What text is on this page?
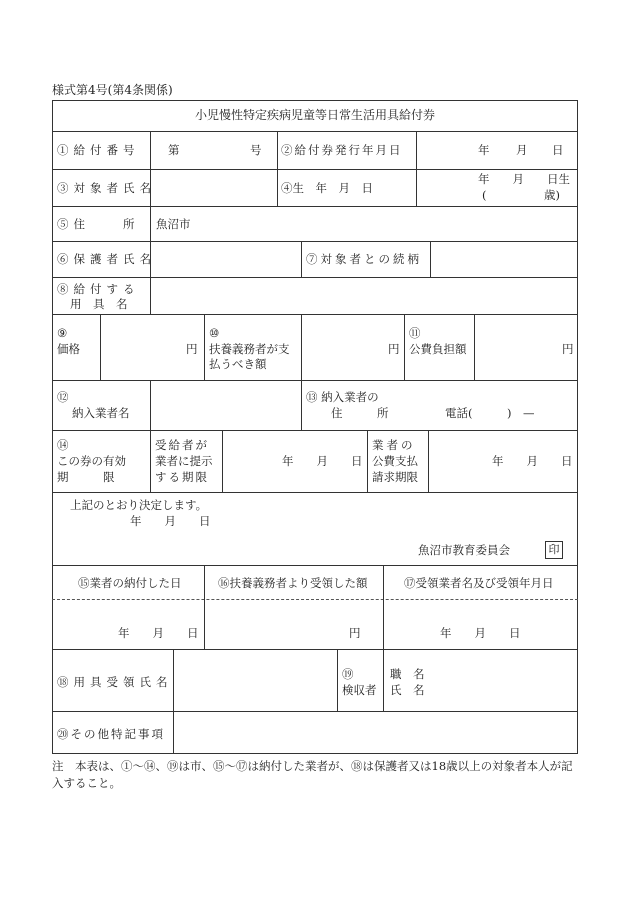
様式第4号(第4条関係)
小児慢性特定疾病児童等日常生活用具給付券
①給付番号 第	号 ②給付券発行年月日	年 月 日
③対象者氏名	④生　年　月　日
年　　月　　日生
(　　　　　歳)
⑤住　　所 魚沼市
⑥保護者氏名	⑦対象者との続柄
⑧給付する
用　具　名
⑨
価格	円
⑩
扶養義務者が支
払うべき額
円
⑪
公費負担額	円
⑫
納入業者名
⑬ 納入業者の
住　　　所	電話(　　　)　—
⑭
この券の有効
期　　　限
受給者が
業者に提示
する期限
年　　月　　日
業者の
公費支払
請求期限
年　　月　　日
上記のとおり決定します。
年　　月　　日
魚沼市教育委員会	印
⑮業者の納付した日	⑯扶養義務者より受領した額	⑰受領業者名及び受領年月日
年　　月　　日	円	年　　月　　日
⑱用具受領氏名
⑲
検収者
職　名
氏　名
⑳その他特記事項
注　 本表は、①〜⑭、⑲は市、⑮〜⑰は納付した業者が、⑱は保護者又は18歳以上の対象者本人が記入すること。
